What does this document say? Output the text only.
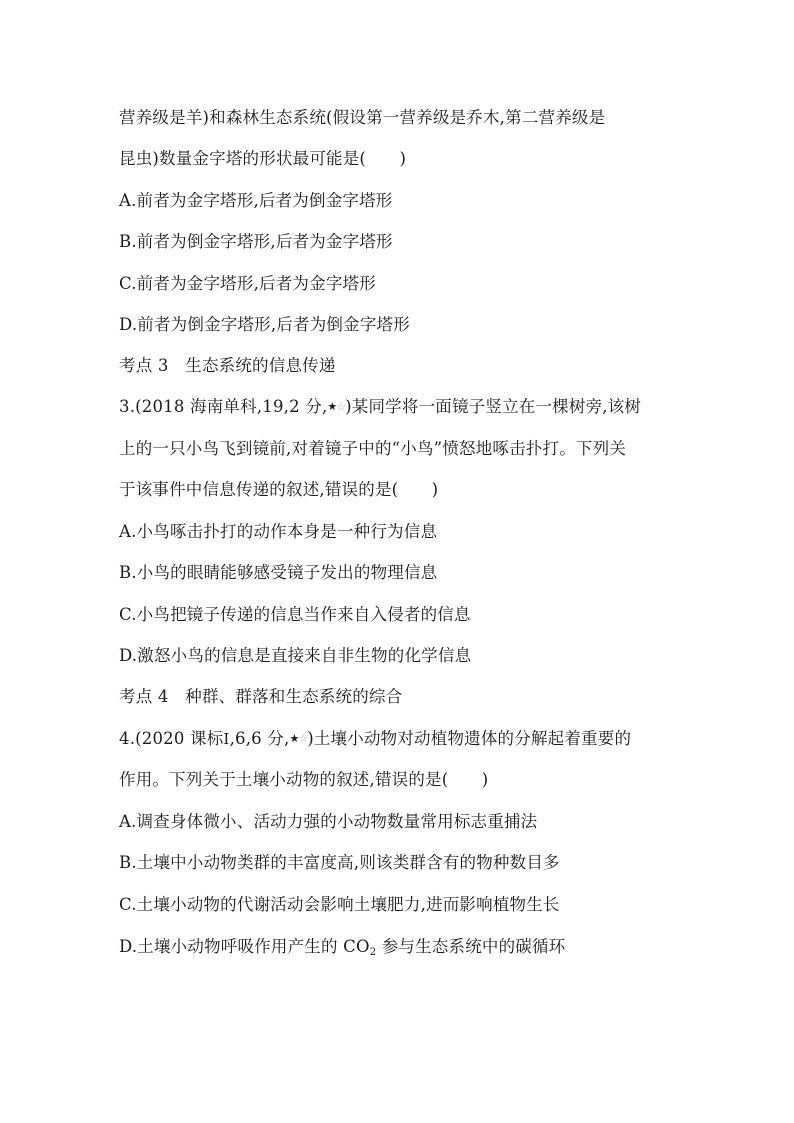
营养级是羊)和森林生态系统(假设第一营养级是乔木,第二营养级是
昆虫)数量金字塔的形状最可能是(　　)
A.前者为金字塔形,后者为倒金字塔形
B.前者为倒金字塔形,后者为金字塔形
C.前者为金字塔形,后者为金字塔形
D.前者为倒金字塔形,后者为倒金字塔形
考点 3　生态系统的信息传递
3.(2018 海南单科,19,2 分,★☆)某同学将一面镜子竖立在一棵树旁,该树
上的一只小鸟飞到镜前,对着镜子中的“小鸟”愤怒地啄击扑打。下列关
于该事件中信息传递的叙述,错误的是(　　)
A.小鸟啄击扑打的动作本身是一种行为信息
B.小鸟的眼睛能够感受镜子发出的物理信息
C.小鸟把镜子传递的信息当作来自入侵者的信息
D.激怒小鸟的信息是直接来自非生物的化学信息
考点 4　种群、群落和生态系统的综合
4.(2020 课标Ⅰ,6,6 分,★☆)土壤小动物对动植物遗体的分解起着重要的
作用。下列关于土壤小动物的叙述,错误的是(　　)
A.调查身体微小、活动力强的小动物数量常用标志重捕法
B.土壤中小动物类群的丰富度高,则该类群含有的物种数目多
C.土壤小动物的代谢活动会影响土壤肥力,进而影响植物生长
D.土壤小动物呼吸作用产生的 $CO_2$ 参与生态系统中的碳循环
